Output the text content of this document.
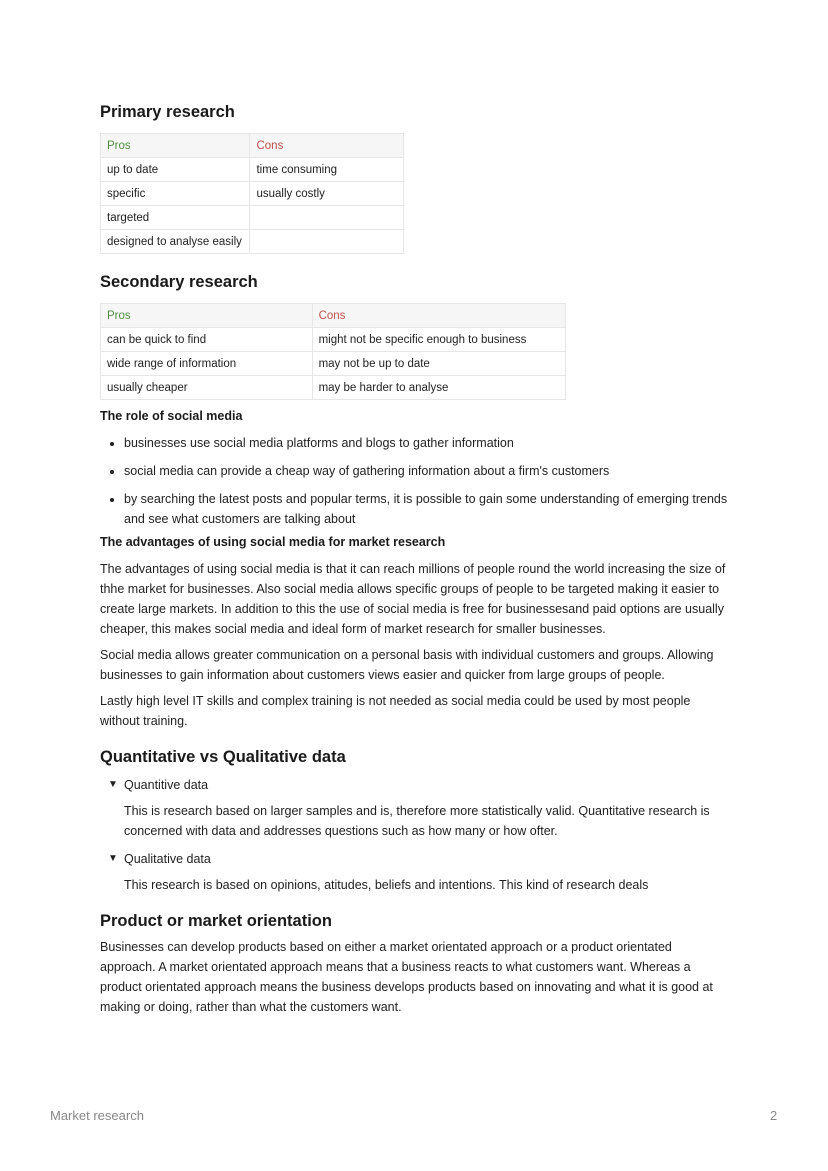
Primary research
Pros	Cons
up to date	time consuming
specific	usually costly
targeted	
designed to analyse easily	
Secondary research
Pros	Cons
can be quick to find	might not be specific enough to business
wide range of information	may not be up to date
usually cheaper	may be harder to analyse
The role of social media
• businesses use social media platforms and blogs to gather information
• social media can provide a cheap way of gathering information about a firm's customers
• by searching the latest posts and popular terms, it is possible to gain some understanding of emerging trends and see what customers are talking about
The advantages of using social media for market research

The advantages of using social media is that it can reach millions of people round the world increasing the size of thhe market for businesses. Also social media allows specific groups of people to be targeted making it easier to create large markets. In addition to this the use of social media is free for businessesand paid options are usually cheaper, this makes social media and ideal form of market research for smaller businesses.

Social media allows greater communication on a personal basis with individual customers and groups. Allowing businesses to gain information about customers views easier and quicker from large groups of people.

Lastly high level IT skills and complex training is not needed as social media could be used by most people without training.

Quantitative vs Qualitative data
▼ Quantitive data
This is research based on larger samples and is, therefore more statistically valid. Quantitative research is concerned with data and addresses questions such as how many or how ofter.
▼ Qualitative data
This research is based on opinions, atitudes, beliefs and intentions. This kind of research deals
Product or market orientation

Businesses can develop products based on either a market orientated approach or a product orientated approach. A market orientated approach means that a business reacts to what customers want. Whereas a product orientated approach means the business develops products based on innovating and what it is good at making or doing, rather than what the customers want.

Market research	2
